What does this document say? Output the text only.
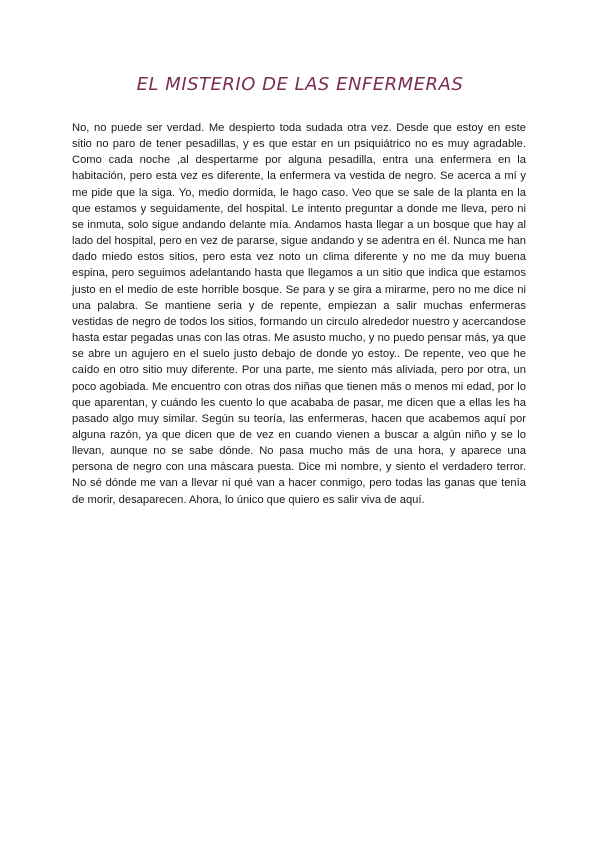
EL MISTERIO DE LAS ENFERMERAS

No, no puede ser verdad. Me despierto toda sudada otra vez. Desde que estoy en este sitio no paro de tener pesadillas, y es que estar en un psiquiátrico no es muy agradable. Como cada noche ,al despertarme por alguna pesadilla, entra una enfermera en la habitación, pero esta vez es diferente, la enfermera va vestida de negro. Se acerca a mí y me pide que la siga. Yo, medio dormida, le hago caso. Veo que se sale de la planta en la que estamos y seguidamente, del hospital. Le intento preguntar a donde me lleva, pero ni se inmuta, solo sigue andando delante mía. Andamos hasta llegar a un bosque que hay al lado del hospital, pero en vez de pararse, sigue andando y se adentra en él. Nunca me han dado miedo estos sitios, pero esta vez noto un clima diferente y no me da muy buena espina, pero seguimos adelantando hasta que llegamos a un sitio que indica que estamos justo en el medio de este horrible bosque. Se para y se gira a mirarme, pero no me dice ni una palabra. Se mantiene seria y de repente, empiezan a salir muchas enfermeras vestidas de negro de todos los sitios, formando un circulo alrededor nuestro y acercandose hasta estar pegadas unas con las otras. Me asusto mucho, y no puedo pensar más, ya que se abre un agujero en el suelo justo debajo de donde yo estoy.. De repente, veo que he caído en otro sitio muy diferente. Por una parte, me siento más aliviada, pero por otra, un poco agobiada. Me encuentro con otras dos niñas que tienen más o menos mi edad, por lo que aparentan, y cuándo les cuento lo que acababa de pasar, me dicen que a ellas les ha pasado algo muy similar. Según su teoría, las enfermeras, hacen que acabemos aquí por alguna razón, ya que dicen que de vez en cuando vienen a buscar a algún niño y se lo llevan, aunque no se sabe dónde. No pasa mucho más de una hora, y aparece una persona de negro con una máscara puesta. Dice mi nombre, y siento el verdadero terror. No sé dónde me van a llevar ni qué van a hacer conmigo, pero todas las ganas que tenía de morir, desaparecen. Ahora, lo único que quiero es salir viva de aquí.
